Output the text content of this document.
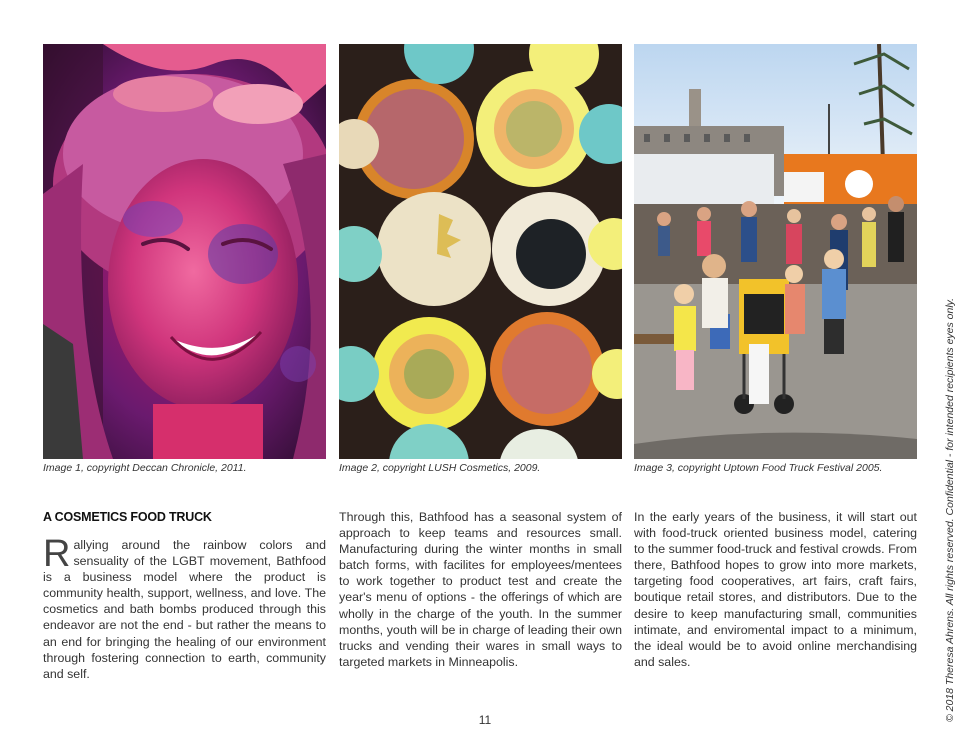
Image 1, copyright Deccan Chronicle, 2011.	Image 2, copyright LUSH Cosmetics, 2009.	Image 3, copyright Uptown Food Truck Festival 2005.
A COSMETICS FOOD TRUCK
Rallying around the rainbow colors and sensuality of the LGBT movement, Bathfood is a business model where the product is community health, support, wellness, and love. The cosmetics and bath bombs produced through this endeavor are not the end - but rather the means to an end for bringing the healing of our environment through fostering connection to earth, community and self.
Through this, Bathfood has a seasonal system of approach to keep teams and resources small. Manufacturing during the winter months in small batch forms, with facilites for employees/mentees to work together to product test and create the year's menu of options - the offerings of which are wholly in the charge of the youth. In the summer months, youth will be in charge of leading their own trucks and vending their wares in small ways to targeted markets in Minneapolis.
In the early years of the business, it will start out with food-truck oriented business model, catering to the summer food-truck and festival crowds. From there, Bathfood hopes to grow into more markets, targeting food cooperatives, art fairs, craft fairs, boutique retail stores, and distributors. Due to the desire to keep manufacturing small, communities intimate, and enviromental impact to a minimum, the ideal would be to avoid online merchandising and sales.
11	© 2018 Theresa Ahrens. All rights reserved. Confidential - for intended recipients eyes only.
